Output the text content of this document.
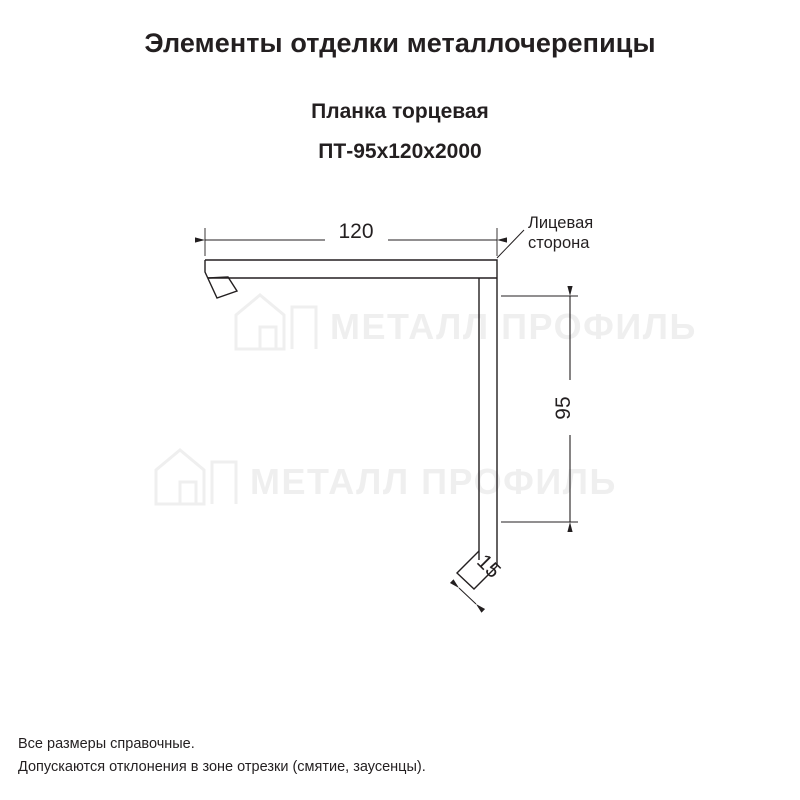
Элементы отделки металлочерепицы
Планка торцевая
ПТ-95х120х2000
МЕТАЛЛ ПРОФИЛЬ
МЕТАЛЛ ПРОФИЛЬ
120
95
15
Лицевая
сторона
Все размеры справочные.
Допускаются отклонения в зоне отрезки (смятие, заусенцы).
